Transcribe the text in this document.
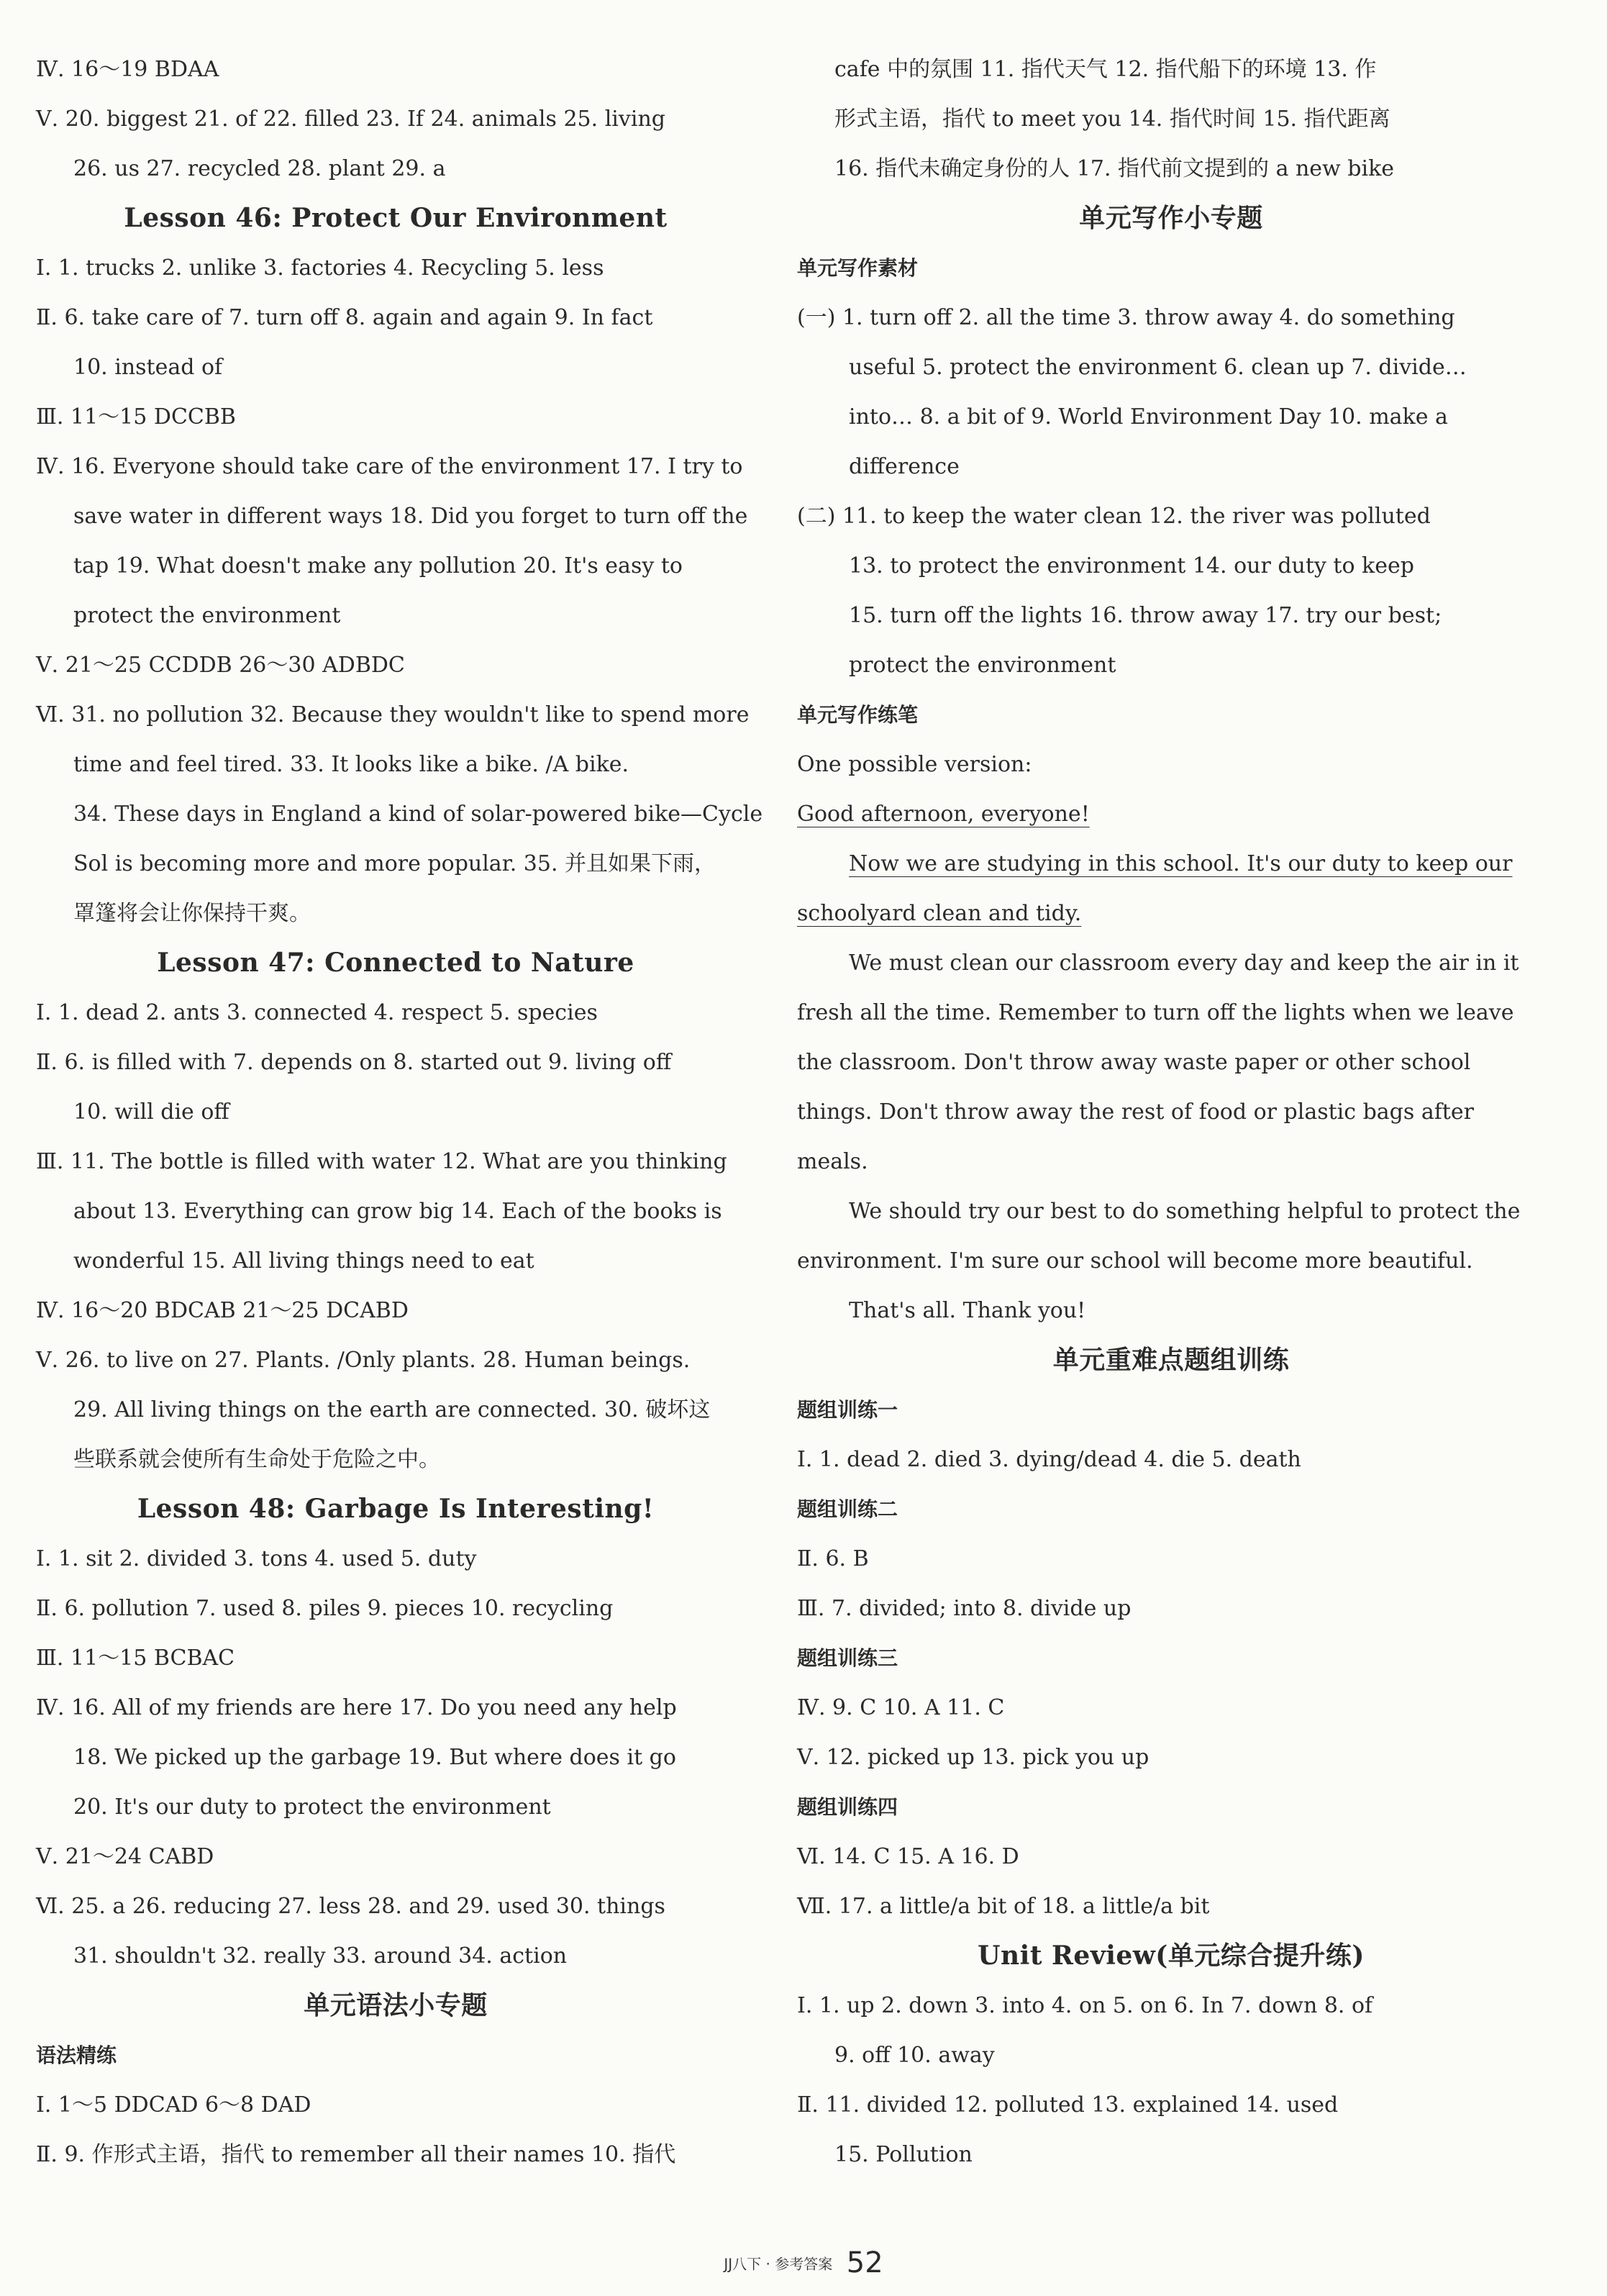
Ⅳ. 16～19 BDAA
Ⅴ. 20. biggest 21. of 22. filled 23. If 24. animals 25. living
26. us 27. recycled 28. plant 29. a
Lesson 46: Protect Our Environment
Ⅰ. 1. trucks 2. unlike 3. factories 4. Recycling 5. less
Ⅱ. 6. take care of 7. turn off 8. again and again 9. In fact
10. instead of
Ⅲ. 11～15 DCCBB
Ⅳ. 16. Everyone should take care of the environment 17. I try to
save water in different ways 18. Did you forget to turn off the
tap 19. What doesn't make any pollution 20. It's easy to
protect the environment
Ⅴ. 21～25 CCDDB 26～30 ADBDC
Ⅵ. 31. no pollution 32. Because they wouldn't like to spend more
time and feel tired. 33. It looks like a bike. /A bike.
34. These days in England a kind of solar-powered bike—Cycle
Sol is becoming more and more popular. 35. 并且如果下雨，
罩篷将会让你保持干爽。
Lesson 47: Connected to Nature
Ⅰ. 1. dead 2. ants 3. connected 4. respect 5. species
Ⅱ. 6. is filled with 7. depends on 8. started out 9. living off
10. will die off
Ⅲ. 11. The bottle is filled with water 12. What are you thinking
about 13. Everything can grow big 14. Each of the books is
wonderful 15. All living things need to eat
Ⅳ. 16～20 BDCAB 21～25 DCABD
Ⅴ. 26. to live on 27. Plants. /Only plants. 28. Human beings.
29. All living things on the earth are connected. 30. 破坏这
些联系就会使所有生命处于危险之中。
Lesson 48: Garbage Is Interesting!
Ⅰ. 1. sit 2. divided 3. tons 4. used 5. duty
Ⅱ. 6. pollution 7. used 8. piles 9. pieces 10. recycling
Ⅲ. 11～15 BCBAC
Ⅳ. 16. All of my friends are here 17. Do you need any help
18. We picked up the garbage 19. But where does it go
20. It's our duty to protect the environment
Ⅴ. 21～24 CABD
Ⅵ. 25. a 26. reducing 27. less 28. and 29. used 30. things
31. shouldn't 32. really 33. around 34. action
单元语法小专题
语法精练
Ⅰ. 1～5 DDCAD 6～8 DAD
Ⅱ. 9. 作形式主语，指代 to remember all their names 10. 指代
cafe 中的氛围 11. 指代天气 12. 指代船下的环境 13. 作
形式主语，指代 to meet you 14. 指代时间 15. 指代距离
16. 指代未确定身份的人 17. 指代前文提到的 a new bike
单元写作小专题
单元写作素材
(一) 1. turn off 2. all the time 3. throw away 4. do something
useful 5. protect the environment 6. clean up 7. divide…
into… 8. a bit of 9. World Environment Day 10. make a
difference
(二) 11. to keep the water clean 12. the river was polluted
13. to protect the environment 14. our duty to keep
15. turn off the lights 16. throw away 17. try our best;
protect the environment
单元写作练笔
One possible version:
Good afternoon, everyone!
Now we are studying in this school. It's our duty to keep our
schoolyard clean and tidy.
We must clean our classroom every day and keep the air in it
fresh all the time. Remember to turn off the lights when we leave
the classroom. Don't throw away waste paper or other school
things. Don't throw away the rest of food or plastic bags after
meals.
We should try our best to do something helpful to protect the
environment. I'm sure our school will become more beautiful.
That's all. Thank you!
单元重难点题组训练
题组训练一
Ⅰ. 1. dead 2. died 3. dying/dead 4. die 5. death
题组训练二
Ⅱ. 6. B
Ⅲ. 7. divided; into 8. divide up
题组训练三
Ⅳ. 9. C 10. A 11. C
Ⅴ. 12. picked up 13. pick you up
题组训练四
Ⅵ. 14. C 15. A 16. D
Ⅶ. 17. a little/a bit of 18. a little/a bit
Unit Review(单元综合提升练)
Ⅰ. 1. up 2. down 3. into 4. on 5. on 6. In 7. down 8. of
9. off 10. away
Ⅱ. 11. divided 12. polluted 13. explained 14. used
15. Pollution
JJ八下 · 参考答案 52
